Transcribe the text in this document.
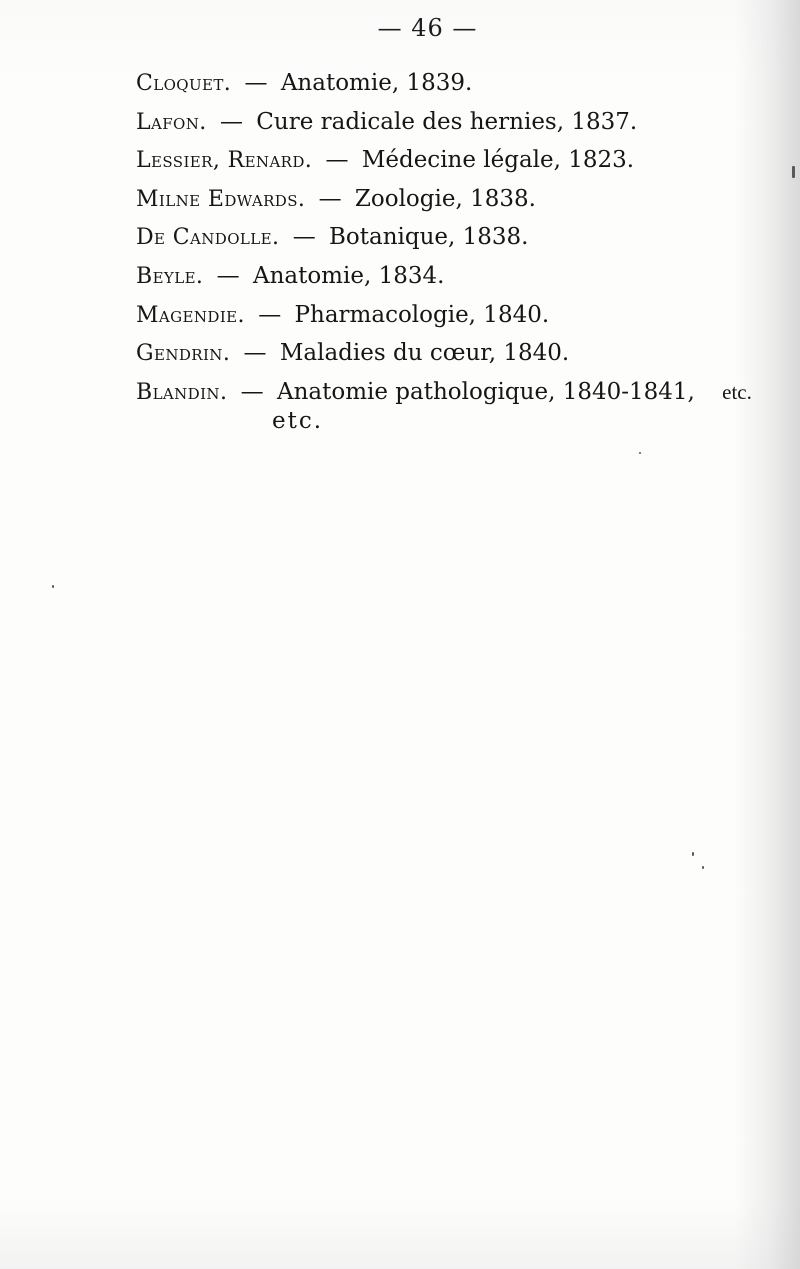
— 46 —
Cloquet. — Anatomie, 1839.
Lafon. — Cure radicale des hernies, 1837.
Lessier, Renard. — Médecine légale, 1823.
Milne Edwards. — Zoologie, 1838.
De Candolle. — Botanique, 1838.
Beyle. — Anatomie, 1834.
Magendie. — Pharmacologie, 1840.
Gendrin. — Maladies du cœur, 1840.
Blandin. — Anatomie pathologique, 1840-1841, etc.
etc.
